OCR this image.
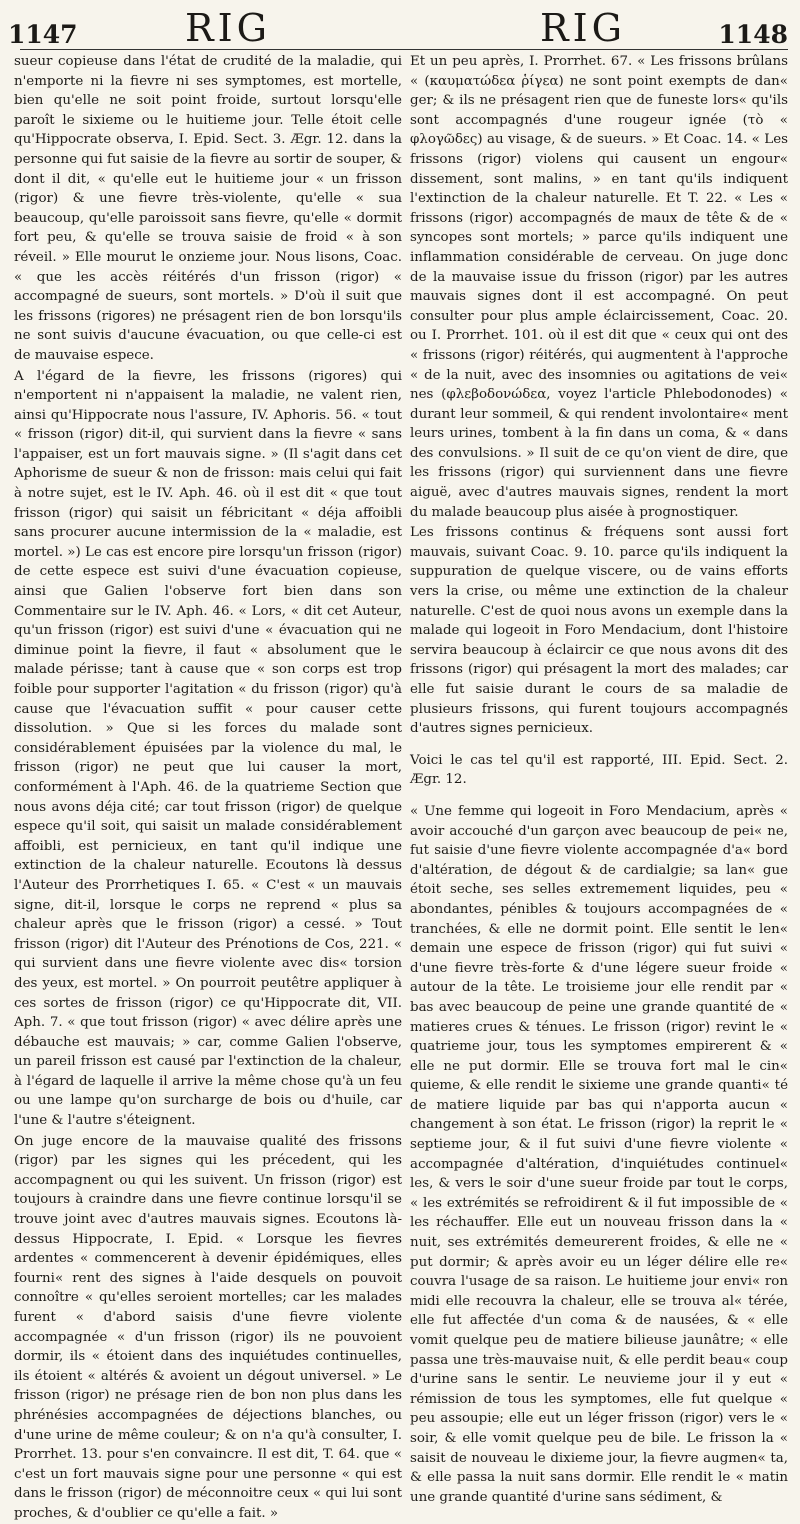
1147	RIG	RIG	1148

sueur copieuse dans l'état de crudité de la maladie, qui n'emporte ni la fievre ni ses symptomes, est mortelle, bien qu'elle ne soit point froide, surtout lorsqu'elle paroît le sixieme ou le huitieme jour. Telle étoit celle qu'Hippocrate observa, I. Epid. Sect. 3. Ægr. 12. dans la personne qui fut saisie de la fievre au sortir de souper, & dont il dit, « qu'elle eut le huitieme jour « un frisson (rigor) & une fievre très-violente, qu'elle « sua beaucoup, qu'elle paroissoit sans fievre, qu'elle « dormit fort peu, & qu'elle se trouva saisie de froid « à son réveil. » Elle mourut le onzieme jour. Nous lisons, Coac. « que les accès réitérés d'un frisson (rigor) « accompagné de sueurs, sont mortels. » D'où il suit que les frissons (rigores) ne présagent rien de bon lorsqu'ils ne sont suivis d'aucune évacuation, ou que celle-ci est de mauvaise espece.

A l'égard de la fievre, les frissons (rigores) qui n'emportent ni n'appaisent la maladie, ne valent rien, ainsi qu'Hippocrate nous l'assure, IV. Aphoris. 56. « tout « frisson (rigor) dit-il, qui survient dans la fievre « sans l'appaiser, est un fort mauvais signe. » (Il s'agit dans cet Aphorisme de sueur & non de frisson: mais celui qui fait à notre sujet, est le IV. Aph. 46. où il est dit « que tout frisson (rigor) qui saisit un fébricitant « déja affoibli sans procurer aucune intermission de la « maladie, est mortel. ») Le cas est encore pire lorsqu'un frisson (rigor) de cette espece est suivi d'une évacuation copieuse, ainsi que Galien l'observe fort bien dans son Commentaire sur le IV. Aph. 46. « Lors, « dit cet Auteur, qu'un frisson (rigor) est suivi d'une « évacuation qui ne diminue point la fievre, il faut « absolument que le malade périsse; tant à cause que « son corps est trop foible pour supporter l'agitation « du frisson (rigor) qu'à cause que l'évacuation suffit « pour causer cette dissolution. » Que si les forces du malade sont considérablement épuisées par la violence du mal, le frisson (rigor) ne peut que lui causer la mort, conformément à l'Aph. 46. de la quatrieme Section que nous avons déja cité; car tout frisson (rigor) de quelque espece qu'il soit, qui saisit un malade considérablement affoibli, est pernicieux, en tant qu'il indique une extinction de la chaleur naturelle. Ecoutons là dessus l'Auteur des Prorrhetiques I. 65. « C'est « un mauvais signe, dit-il, lorsque le corps ne reprend « plus sa chaleur après que le frisson (rigor) a cessé. » Tout frisson (rigor) dit l'Auteur des Prénotions de Cos, 221. « qui survient dans une fievre violente avec dis« torsion des yeux, est mortel. » On pourroit peutêtre appliquer à ces sortes de frisson (rigor) ce qu'Hippocrate dit, VII. Aph. 7. « que tout frisson (rigor) « avec délire après une débauche est mauvais; » car, comme Galien l'observe, un pareil frisson est causé par l'extinction de la chaleur, à l'égard de laquelle il arrive la même chose qu'à un feu ou une lampe qu'on surcharge de bois ou d'huile, car l'une & l'autre s'éteignent.

On juge encore de la mauvaise qualité des frissons (rigor) par les signes qui les précedent, qui les accompagnent ou qui les suivent. Un frisson (rigor) est toujours à craindre dans une fievre continue lorsqu'il se trouve joint avec d'autres mauvais signes. Ecoutons là-dessus Hippocrate, I. Epid. « Lorsque les fievres ardentes « commencerent à devenir épidémiques, elles fourni« rent des signes à l'aide desquels on pouvoit connoître « qu'elles seroient mortelles; car les malades furent « d'abord saisis d'une fievre violente accompagnée « d'un frisson (rigor) ils ne pouvoient dormir, ils « étoient dans des inquiétudes continuelles, ils étoient « altérés & avoient un dégout universel. » Le frisson (rigor) ne présage rien de bon non plus dans les phrénésies accompagnées de déjections blanches, ou d'une urine de même couleur; & on n'a qu'à consulter, I. Prorrhet. 13. pour s'en convaincre. Il est dit, T. 64. que « c'est un fort mauvais signe pour une personne « qui est dans le frisson (rigor) de méconnoitre ceux « qui lui sont proches, & d'oublier ce qu'elle a fait. »

Et un peu après, I. Prorrhet. 67. « Les frissons brûlans « (καυματώδεα ῥίγεα) ne sont point exempts de dan« ger; & ils ne présagent rien que de funeste lors« qu'ils sont accompagnés d'une rougeur ignée (τὸ « φλογῶδες) au visage, & de sueurs. » Et Coac. 14. « Les frissons (rigor) violens qui causent un engour« dissement, sont malins, » en tant qu'ils indiquent l'extinction de la chaleur naturelle. Et T. 22. « Les « frissons (rigor) accompagnés de maux de tête & de « syncopes sont mortels; » parce qu'ils indiquent une inflammation considérable de cerveau. On juge donc de la mauvaise issue du frisson (rigor) par les autres mauvais signes dont il est accompagné. On peut consulter pour plus ample éclaircissement, Coac. 20. ou I. Prorrhet. 101. où il est dit que « ceux qui ont des « frissons (rigor) réitérés, qui augmentent à l'approche « de la nuit, avec des insomnies ou agitations de vei« nes (φλεβοδονώδεα, voyez l'article Phlebodonodes) « durant leur sommeil, & qui rendent involontaire« ment leurs urines, tombent à la fin dans un coma, & « dans des convulsions. » Il suit de ce qu'on vient de dire, que les frissons (rigor) qui surviennent dans une fievre aiguë, avec d'autres mauvais signes, rendent la mort du malade beaucoup plus aisée à prognostiquer.

Les frissons continus & fréquens sont aussi fort mauvais, suivant Coac. 9. 10. parce qu'ils indiquent la suppuration de quelque viscere, ou de vains efforts vers la crise, ou même une extinction de la chaleur naturelle. C'est de quoi nous avons un exemple dans la malade qui logeoit in Foro Mendacium, dont l'histoire servira beaucoup à éclaircir ce que nous avons dit des frissons (rigor) qui présagent la mort des malades; car elle fut saisie durant le cours de sa maladie de plusieurs frissons, qui furent toujours accompagnés d'autres signes pernicieux.

Voici le cas tel qu'il est rapporté, III. Epid. Sect. 2. Ægr. 12.

« Une femme qui logeoit in Foro Mendacium, après « avoir accouché d'un garçon avec beaucoup de pei« ne, fut saisie d'une fievre violente accompagnée d'a« bord d'altération, de dégout & de cardialgie; sa lan« gue étoit seche, ses selles extremement liquides, peu « abondantes, pénibles & toujours accompagnées de « tranchées, & elle ne dormit point. Elle sentit le len« demain une espece de frisson (rigor) qui fut suivi « d'une fievre très-forte & d'une légere sueur froide « autour de la tête. Le troisieme jour elle rendit par « bas avec beaucoup de peine une grande quantité de « matieres crues & ténues. Le frisson (rigor) revint le « quatrieme jour, tous les symptomes empirerent & « elle ne put dormir. Elle se trouva fort mal le cin« quieme, & elle rendit le sixieme une grande quanti« té de matiere liquide par bas qui n'apporta aucun « changement à son état. Le frisson (rigor) la reprit le « septieme jour, & il fut suivi d'une fievre violente « accompagnée d'altération, d'inquiétudes continuel« les, & vers le soir d'une sueur froide par tout le corps, « les extrémités se refroidirent & il fut impossible de « les réchauffer. Elle eut un nouveau frisson dans la « nuit, ses extrémités demeurerent froides, & elle ne « put dormir; & après avoir eu un léger délire elle re« couvra l'usage de sa raison. Le huitieme jour envi« ron midi elle recouvra la chaleur, elle se trouva al« térée, elle fut affectée d'un coma & de nausées, & « elle vomit quelque peu de matiere bilieuse jaunâtre; « elle passa une très-mauvaise nuit, & elle perdit beau« coup d'urine sans le sentir. Le neuvieme jour il y eut « rémission de tous les symptomes, elle fut quelque « peu assoupie; elle eut un léger frisson (rigor) vers le « soir, & elle vomit quelque peu de bile. Le frisson la « saisit de nouveau le dixieme jour, la fievre augmen« ta, & elle passa la nuit sans dormir. Elle rendit le « matin une grande quantité d'urine sans sédiment, &
